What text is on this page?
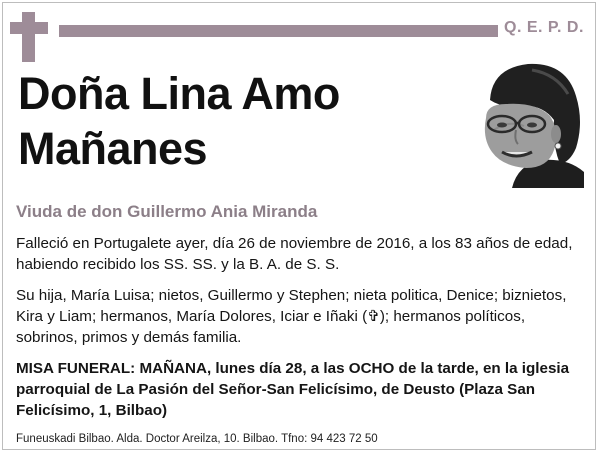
Q. E. P. D.
Doña Lina Amo Mañanes
Viuda de don Guillermo Ania Miranda

Falleció en Portugalete ayer, día 26 de noviembre de 2016, a los 83 años de edad, habiendo recibido los SS. SS. y la B. A. de S. S.

Su hija, María Luisa; nietos, Guillermo y Stephen; nieta politica, Denice; biznietos, Kira y Liam; hermanos, María Dolores, Iciar e Iñaki (✞); hermanos políticos, sobrinos, primos y demás familia.

MISA FUNERAL: MAÑANA, lunes día 28, a las OCHO de la tarde, en la iglesia parroquial de La Pasión del Señor-San Felicísimo, de Deusto (Plaza San Felicísimo, 1, Bilbao)

Funeuskadi Bilbao. Alda. Doctor Areilza, 10. Bilbao. Tfno: 94 423 72 50
